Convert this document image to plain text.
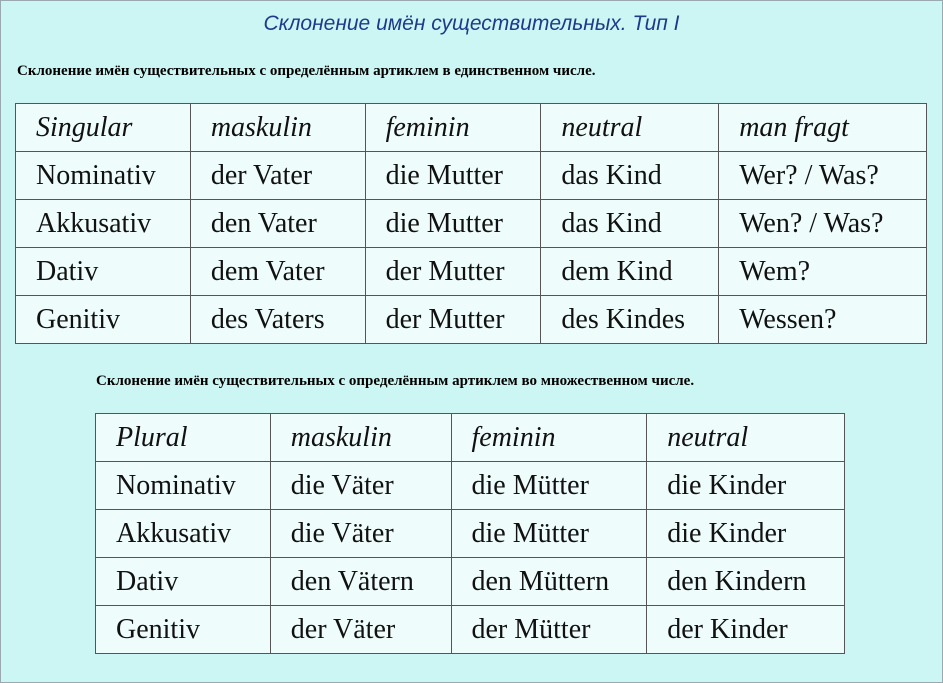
Склонение имён существительных. Тип I
Склонение имён существительных с определённым артиклем в единственном числе.
Singular	maskulin	feminin	neutral	man fragt
Nominativ	der Vater	die Mutter	das Kind	Wer? / Was?
Akkusativ	den Vater	die Mutter	das Kind	Wen? / Was?
Dativ	dem Vater	der Mutter	dem Kind	Wem?
Genitiv	des Vaters	der Mutter	des Kindes	Wessen?
Склонение имён существительных с определённым артиклем во множественном числе.
Plural	maskulin	feminin	neutral
Nominativ	die Väter	die Mütter	die Kinder
Akkusativ	die Väter	die Mütter	die Kinder
Dativ	den Vätern	den Müttern	den Kindern
Genitiv	der Väter	der Mütter	der Kinder
